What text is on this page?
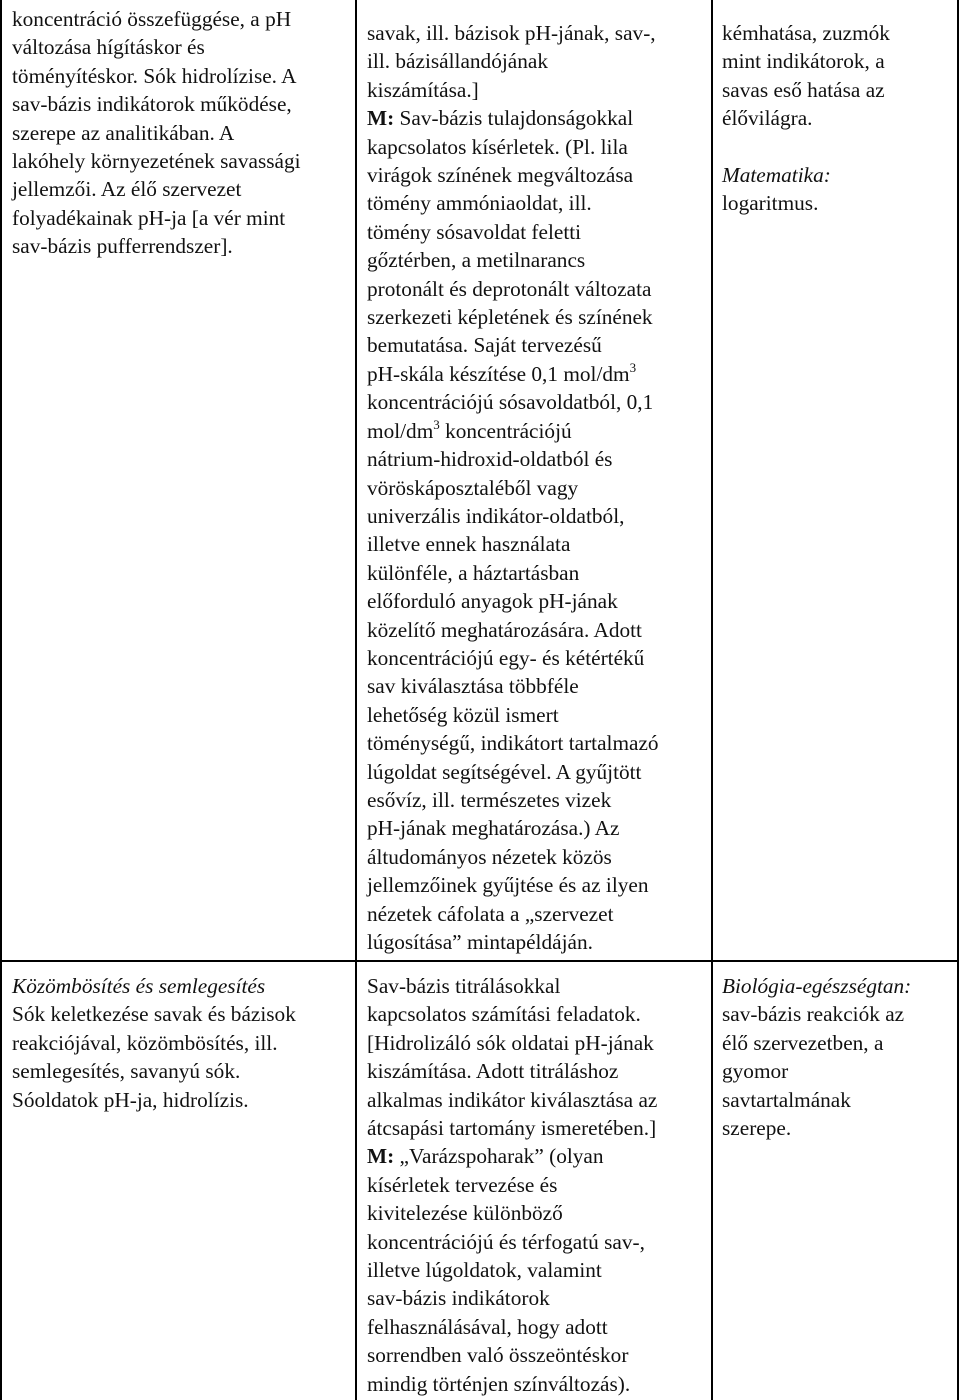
koncentráció összefüggése, a pH

változása hígításkor és

töményítéskor. Sók hidrolízise. A

sav-bázis indikátorok működése,

szerepe az analitikában. A

lakóhely környezetének savassági

jellemzői. Az élő szervezet

folyadékainak pH-ja [a vér mint

sav-bázis pufferrendszer].

savak, ill. bázisok pH-jának, sav-,

ill. bázisállandójának

kiszámítása.]

M: Sav-bázis tulajdonságokkal

kapcsolatos kísérletek. (Pl. lila

virágok színének megváltozása

tömény ammóniaoldat, ill.

tömény sósavoldat feletti

gőztérben, a metilnarancs

protonált és deprotonált változata

szerkezeti képletének és színének

bemutatása. Saját tervezésű

pH-skála készítése 0,1 mol/$dm^3$

koncentrációjú sósavoldatból, 0,1

mol/$dm^3$ koncentrációjú

nátrium-hidroxid-oldatból és

vöröskáposztaléből vagy

univerzális indikátor-oldatból,

illetve ennek használata

különféle, a háztartásban

előforduló anyagok pH-jának

közelítő meghatározására. Adott

koncentrációjú egy- és kétértékű

sav kiválasztása többféle

lehetőség közül ismert

töménységű, indikátort tartalmazó

lúgoldat segítségével. A gyűjtött

esővíz, ill. természetes vizek

pH-jának meghatározása.) Az

áltudományos nézetek közös

jellemzőinek gyűjtése és az ilyen

nézetek cáfolata a „szervezet

lúgosítása” mintapéldáján.

kémhatása, zuzmók

mint indikátorok, a

savas eső hatása az

élővilágra.

Matematika:

logaritmus.

Közömbösítés és semlegesítés

Sók keletkezése savak és bázisok

reakciójával, közömbösítés, ill.

semlegesítés, savanyú sók.

Sóoldatok pH-ja, hidrolízis.

Sav-bázis titrálásokkal

kapcsolatos számítási feladatok.

[Hidrolizáló sók oldatai pH-jának

kiszámítása. Adott titráláshoz

alkalmas indikátor kiválasztása az

átcsapási tartomány ismeretében.]

M: „Varázspoharak” (olyan

kísérletek tervezése és

kivitelezése különböző

koncentrációjú és térfogatú sav-,

illetve lúgoldatok, valamint

sav-bázis indikátorok

felhasználásával, hogy adott

sorrendben való összeöntéskor

mindig történjen színváltozás).

Biológia-egészségtan:

sav-bázis reakciók az

élő szervezetben, a

gyomor

savtartalmának

szerepe.
